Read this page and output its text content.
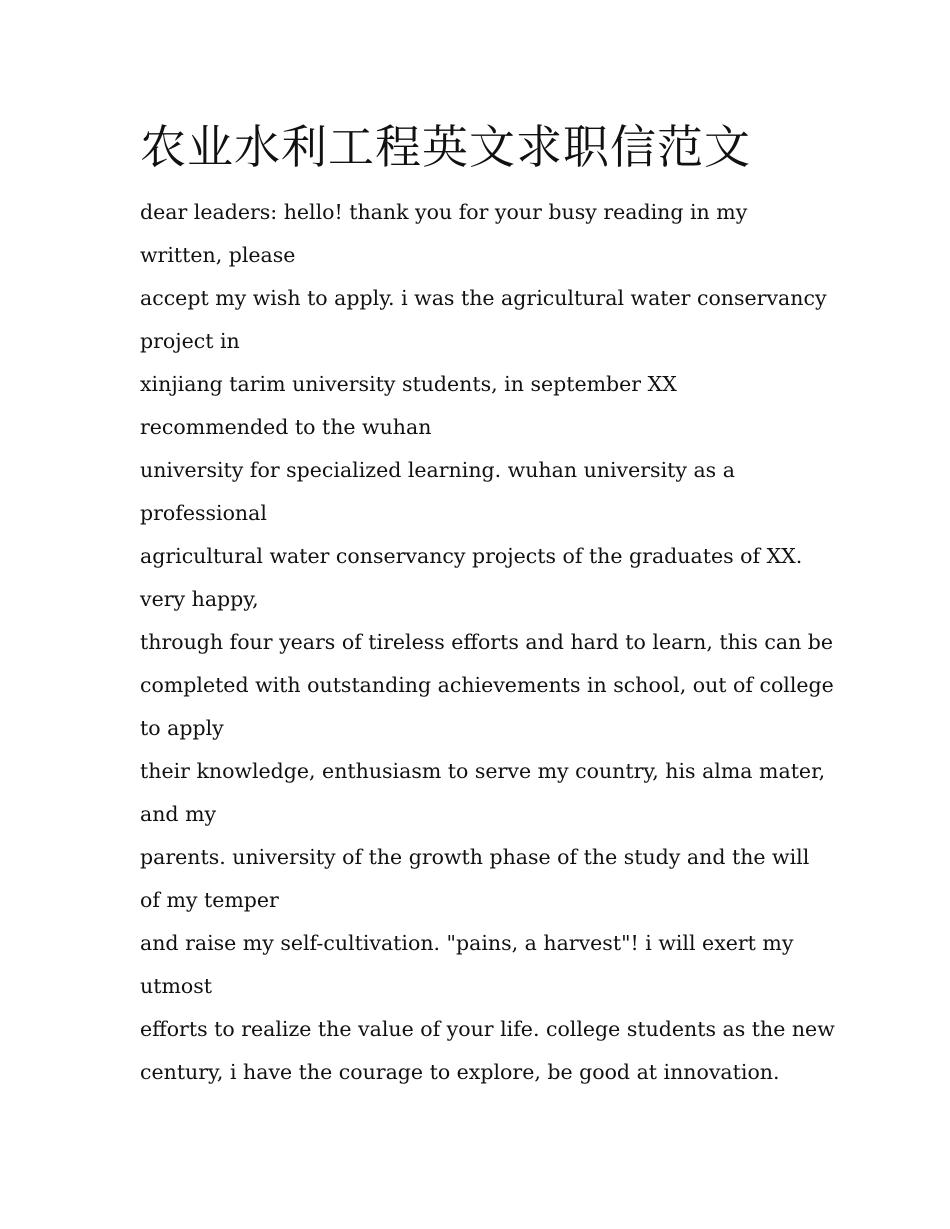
农业水利工程英文求职信范文
dear leaders: hello! thank you for your busy reading in my
written, please
accept my wish to apply. i was the agricultural water conservancy
project in
xinjiang tarim university students, in september XX
recommended to the wuhan
university for specialized learning. wuhan university as a
professional
agricultural water conservancy projects of the graduates of XX.
very happy,
through four years of tireless efforts and hard to learn, this can be
completed with outstanding achievements in school, out of college
to apply
their knowledge, enthusiasm to serve my country, his alma mater,
and my
parents. university of the growth phase of the study and the will
of my temper
and raise my self-cultivation. "pains, a harvest"! i will exert my
utmost
efforts to realize the value of your life. college students as the new
century, i have the courage to explore, be good at innovation.
